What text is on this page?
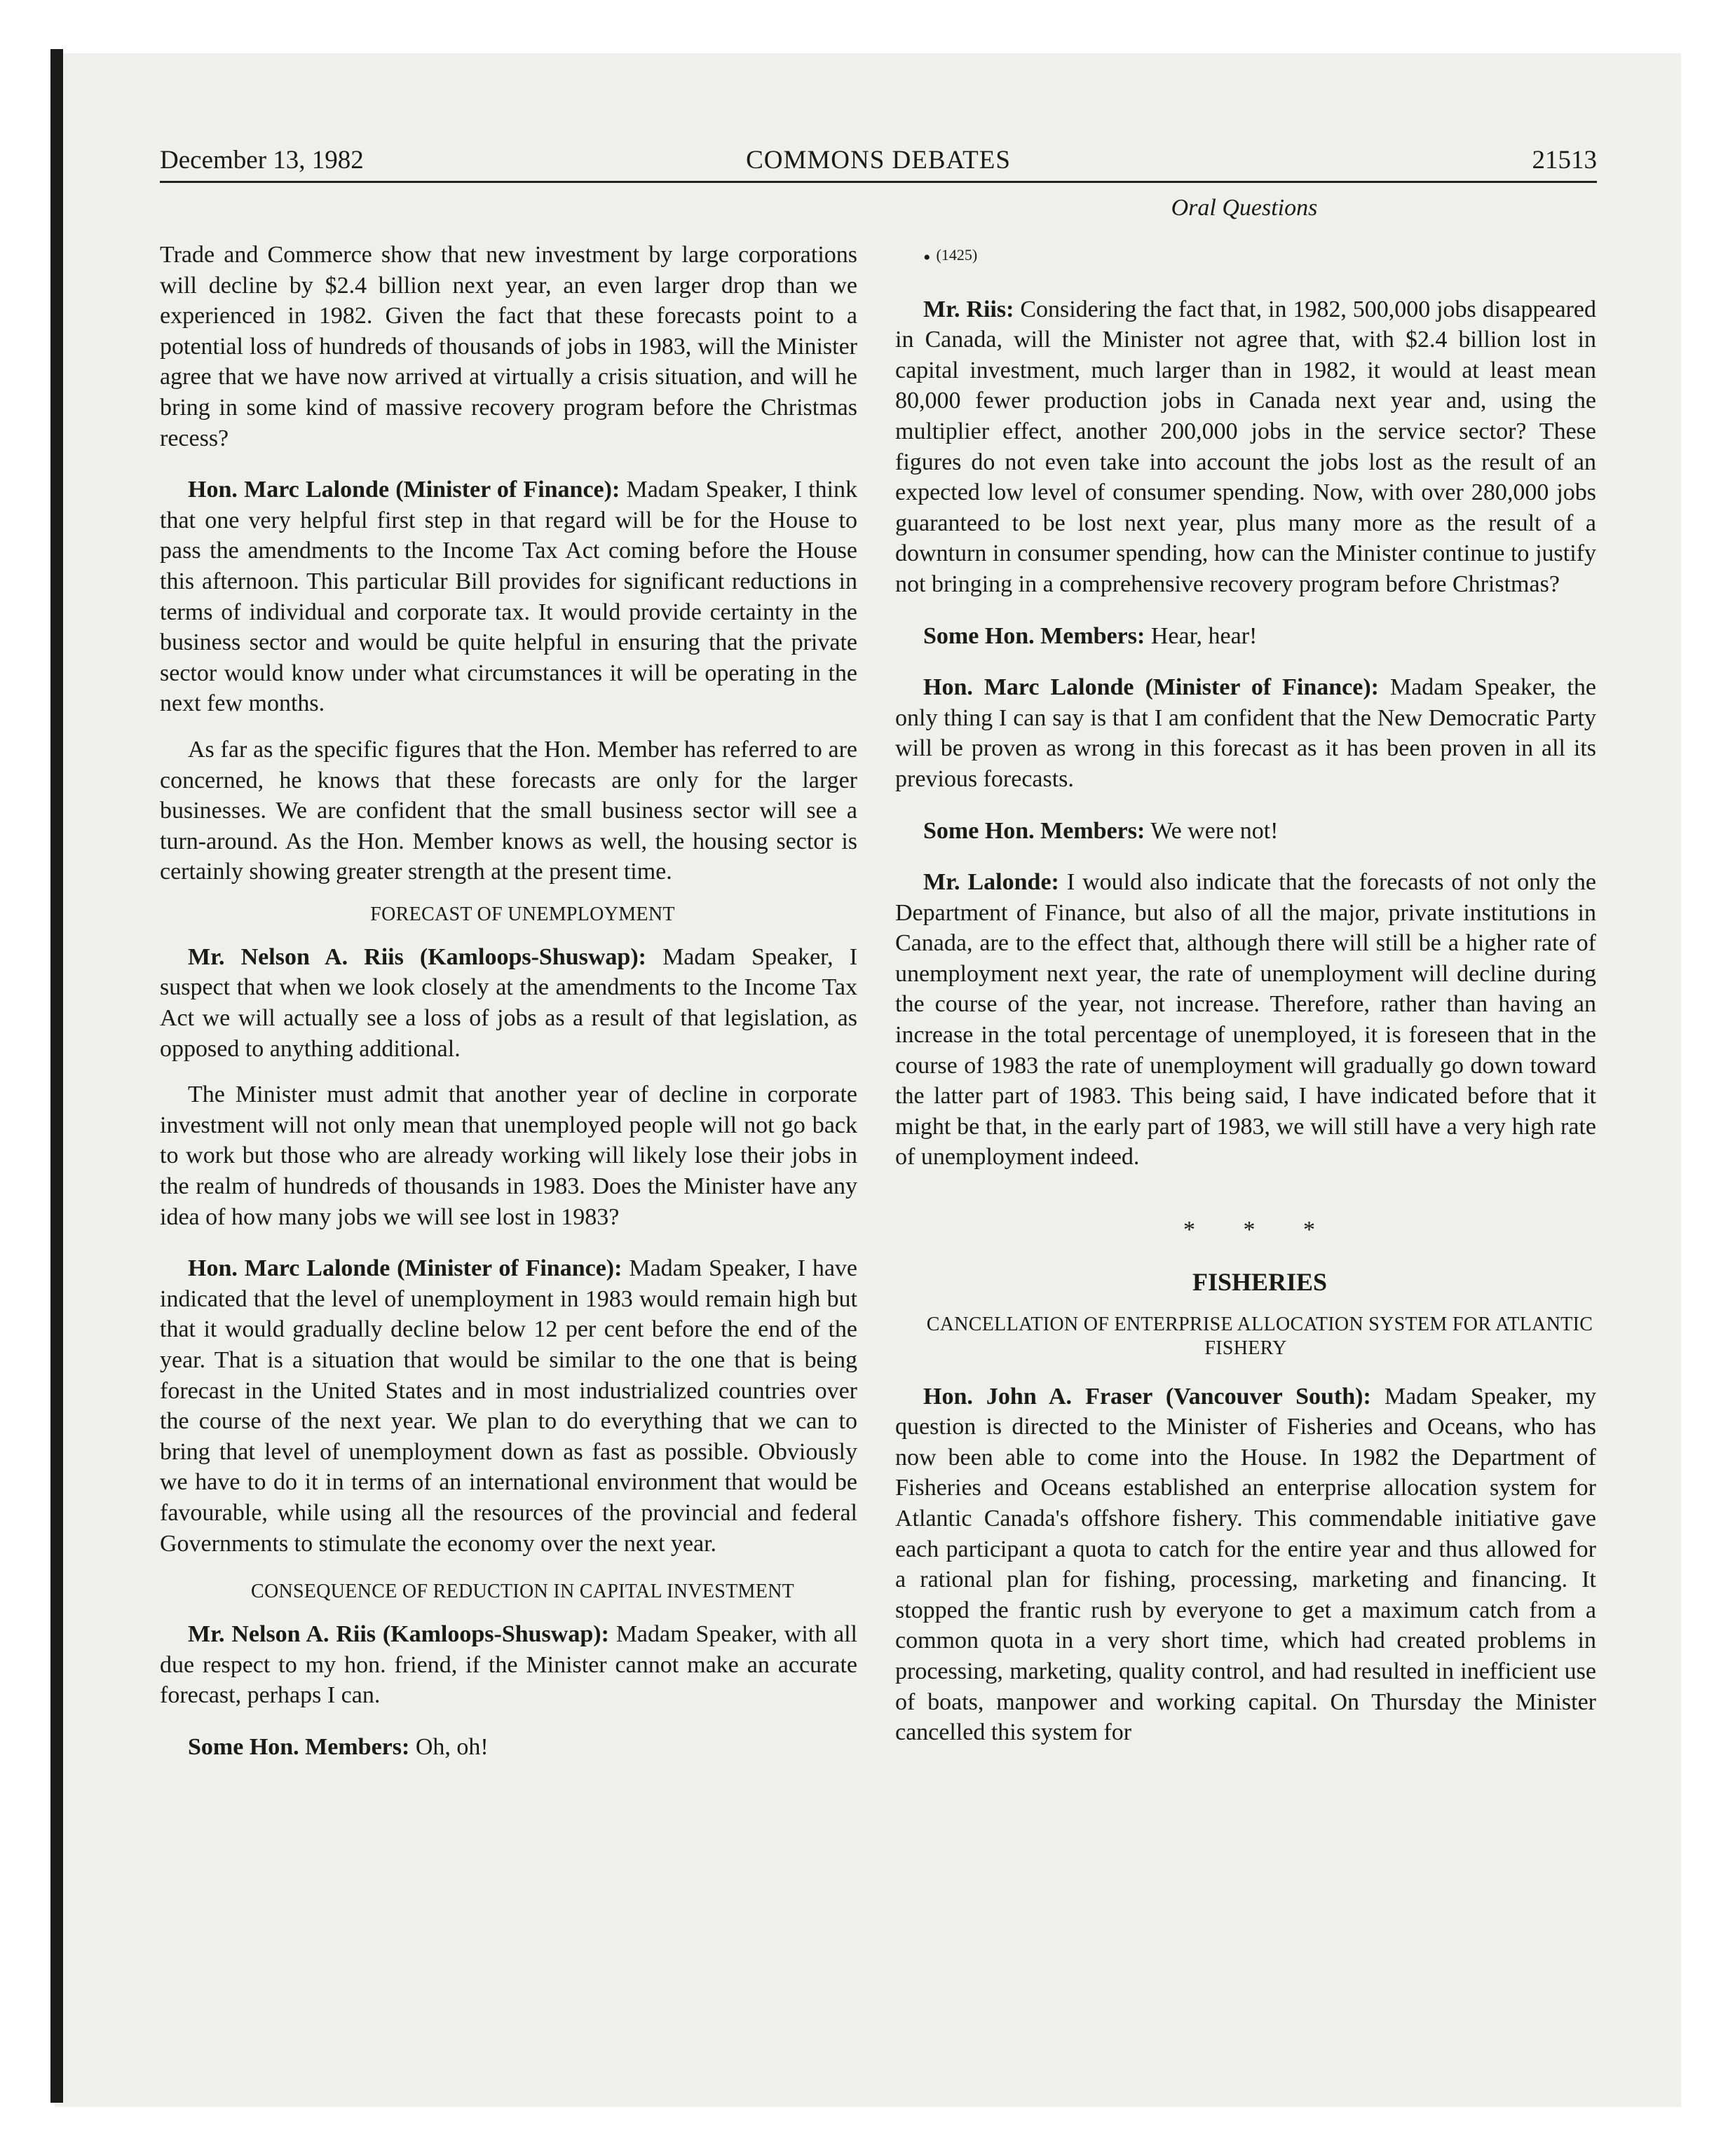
December 13, 1982	COMMONS DEBATES	21513
Oral Questions

Trade and Commerce show that new investment by large corporations will decline by $2.4 billion next year, an even larger drop than we experienced in 1982. Given the fact that these forecasts point to a potential loss of hundreds of thousands of jobs in 1983, will the Minister agree that we have now arrived at virtually a crisis situation, and will he bring in some kind of massive recovery program before the Christmas recess?

Hon. Marc Lalonde (Minister of Finance): Madam Speaker, I think that one very helpful first step in that regard will be for the House to pass the amendments to the Income Tax Act coming before the House this afternoon. This particular Bill provides for significant reductions in terms of individual and corporate tax. It would provide certainty in the business sector and would be quite helpful in ensuring that the private sector would know under what circumstances it will be operating in the next few months.

As far as the specific figures that the Hon. Member has referred to are concerned, he knows that these forecasts are only for the larger businesses. We are confident that the small business sector will see a turn-around. As the Hon. Member knows as well, the housing sector is certainly showing greater strength at the present time.

FORECAST OF UNEMPLOYMENT

Mr. Nelson A. Riis (Kamloops-Shuswap): Madam Speaker, I suspect that when we look closely at the amendments to the Income Tax Act we will actually see a loss of jobs as a result of that legislation, as opposed to anything additional.

The Minister must admit that another year of decline in corporate investment will not only mean that unemployed people will not go back to work but those who are already working will likely lose their jobs in the realm of hundreds of thousands in 1983. Does the Minister have any idea of how many jobs we will see lost in 1983?

Hon. Marc Lalonde (Minister of Finance): Madam Speaker, I have indicated that the level of unemployment in 1983 would remain high but that it would gradually decline below 12 per cent before the end of the year. That is a situation that would be similar to the one that is being forecast in the United States and in most industrialized countries over the course of the next year. We plan to do everything that we can to bring that level of unemployment down as fast as possible. Obviously we have to do it in terms of an international environment that would be favourable, while using all the resources of the provincial and federal Governments to stimulate the economy over the next year.

CONSEQUENCE OF REDUCTION IN CAPITAL INVESTMENT

Mr. Nelson A. Riis (Kamloops-Shuswap): Madam Speaker, with all due respect to my hon. friend, if the Minister cannot make an accurate forecast, perhaps I can.

Some Hon. Members: Oh, oh!

• (1425)

Mr. Riis: Considering the fact that, in 1982, 500,000 jobs disappeared in Canada, will the Minister not agree that, with $2.4 billion lost in capital investment, much larger than in 1982, it would at least mean 80,000 fewer production jobs in Canada next year and, using the multiplier effect, another 200,000 jobs in the service sector? These figures do not even take into account the jobs lost as the result of an expected low level of consumer spending. Now, with over 280,000 jobs guaranteed to be lost next year, plus many more as the result of a downturn in consumer spending, how can the Minister continue to justify not bringing in a comprehensive recovery program before Christmas?

Some Hon. Members: Hear, hear!

Hon. Marc Lalonde (Minister of Finance): Madam Speaker, the only thing I can say is that I am confident that the New Democratic Party will be proven as wrong in this forecast as it has been proven in all its previous forecasts.

Some Hon. Members: We were not!

Mr. Lalonde: I would also indicate that the forecasts of not only the Department of Finance, but also of all the major, private institutions in Canada, are to the effect that, although there will still be a higher rate of unemployment next year, the rate of unemployment will decline during the course of the year, not increase. Therefore, rather than having an increase in the total percentage of unemployed, it is foreseen that in the course of 1983 the rate of unemployment will gradually go down toward the latter part of 1983. This being said, I have indicated before that it might be that, in the early part of 1983, we will still have a very high rate of unemployment indeed.

* * *

FISHERIES

CANCELLATION OF ENTERPRISE ALLOCATION SYSTEM FOR ATLANTIC FISHERY

Hon. John A. Fraser (Vancouver South): Madam Speaker, my question is directed to the Minister of Fisheries and Oceans, who has now been able to come into the House. In 1982 the Department of Fisheries and Oceans established an enterprise allocation system for Atlantic Canada's offshore fishery. This commendable initiative gave each participant a quota to catch for the entire year and thus allowed for a rational plan for fishing, processing, marketing and financing. It stopped the frantic rush by everyone to get a maximum catch from a common quota in a very short time, which had created problems in processing, marketing, quality control, and had resulted in inefficient use of boats, manpower and working capital. On Thursday the Minister cancelled this system for
